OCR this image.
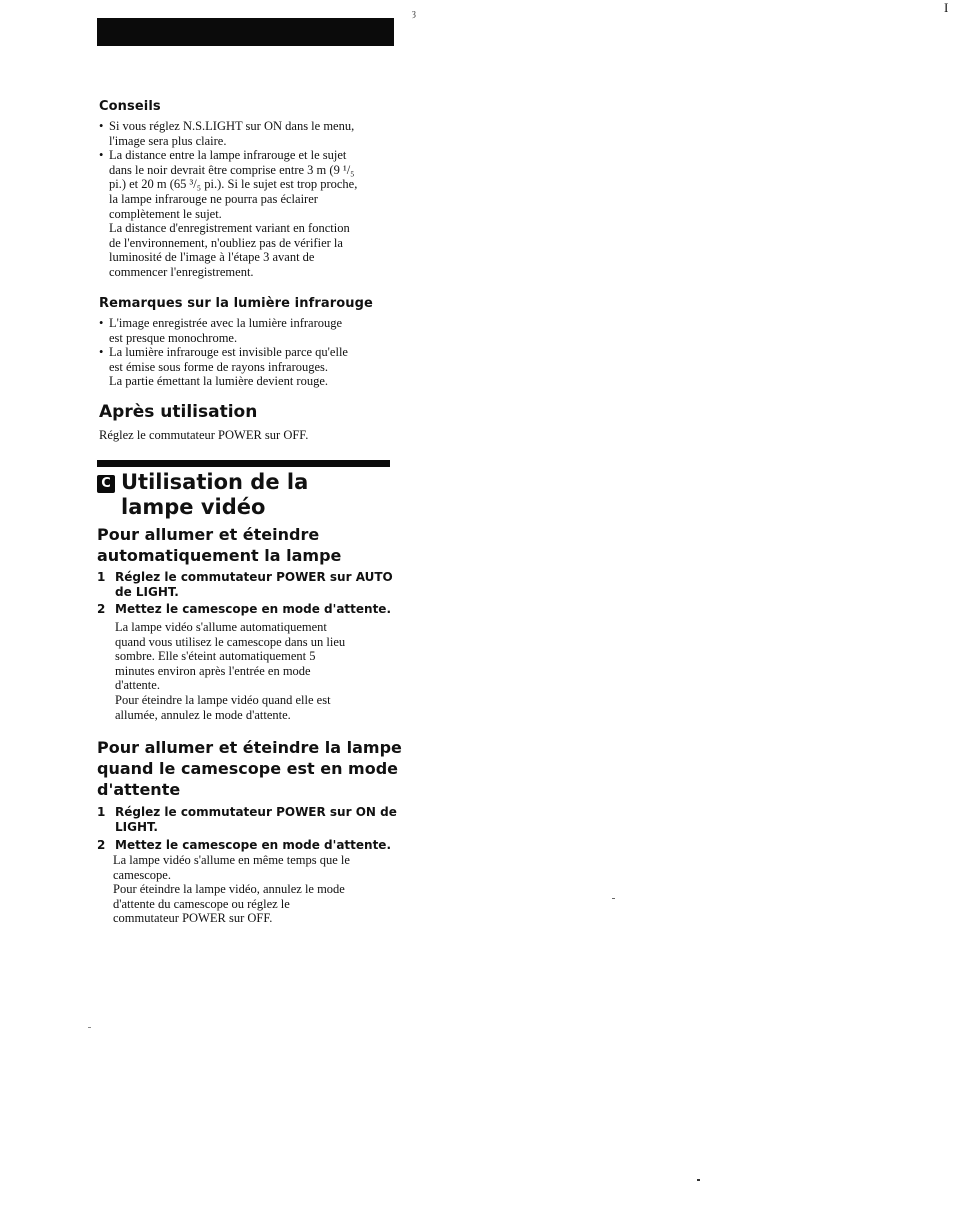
ȝ	I
Conseils
• Si vous réglez N.S.LIGHT sur ON dans le menu,
l'image sera plus claire.
• La distance entre la lampe infrarouge et le sujet
dans le noir devrait être comprise entre 3 m (9 ¹/₅
pi.) et 20 m (65 ³/₅ pi.). Si le sujet est trop proche,
la lampe infrarouge ne pourra pas éclairer
complètement le sujet.
La distance d'enregistrement variant en fonction
de l'environnement, n'oubliez pas de vérifier la
luminosité de l'image à l'étape 3 avant de
commencer l'enregistrement.
Remarques sur la lumière infrarouge
• L'image enregistrée avec la lumière infrarouge
est presque monochrome.
• La lumière infrarouge est invisible parce qu'elle
est émise sous forme de rayons infrarouges.
La partie émettant la lumière devient rouge.
Après utilisation
Réglez le commutateur POWER sur OFF.
C Utilisation de la
lampe vidéo
Pour allumer et éteindre
automatiquement la lampe
1 Réglez le commutateur POWER sur AUTO
de LIGHT.
2 Mettez le camescope en mode d'attente.
La lampe vidéo s'allume automatiquement
quand vous utilisez le camescope dans un lieu
sombre. Elle s'éteint automatiquement 5
minutes environ après l'entrée en mode
d'attente.
Pour éteindre la lampe vidéo quand elle est
allumée, annulez le mode d'attente.
Pour allumer et éteindre la lampe
quand le camescope est en mode
d'attente
1 Réglez le commutateur POWER sur ON de
LIGHT.
2 Mettez le camescope en mode d'attente.
La lampe vidéo s'allume en même temps que le
camescope.
Pour éteindre la lampe vidéo, annulez le mode
d'attente du camescope ou réglez le
commutateur POWER sur OFF.
